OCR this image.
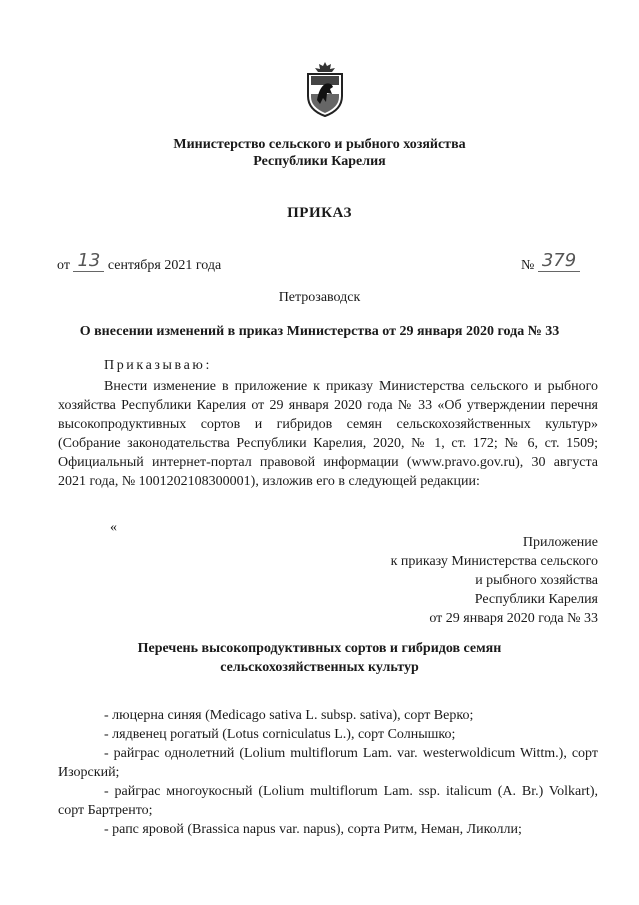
Министерство сельского и рыбного хозяйства
Республики Карелия
ПРИКАЗ
от 13 сентября 2021 года	№ 379
Петрозаводск
О внесении изменений в приказ Министерства от 29 января 2020 года № 33
Приказываю:
Внести изменение в приложение к приказу Министерства сельского и рыбного хозяйства Республики Карелия от 29 января 2020 года № 33 «Об утверждении перечня высокопродуктивных сортов и гибридов семян сельскохозяйственных культур» (Собрание законодательства Республики Карелия, 2020, № 1, ст. 172; № 6, ст. 1509; Официальный интернет-портал правовой информации (www.pravo.gov.ru), 30 августа 2021 года, № 1001202108300001), изложив его в следующей редакции:
«
Приложение
к приказу Министерства сельского
и рыбного хозяйства
Республики Карелия
от 29 января 2020 года № 33
Перечень высокопродуктивных сортов и гибридов семян
сельскохозяйственных культур

- люцерна синяя (Medicago sativa L. subsp. sativa), сорт Верко;

- лядвенец рогатый (Lotus corniculatus L.), сорт Солнышко;

- райграс однолетний (Lolium multiflorum Lam. var. westerwoldicum Wittm.), сорт Изорский;

- райграс многоукосный (Lolium multiflorum Lam. ssp. italicum (A. Br.) Volkart), сорт Бартренто;

- рапс яровой (Brassica napus var. napus), сорта Ритм, Неман, Ликолли;
